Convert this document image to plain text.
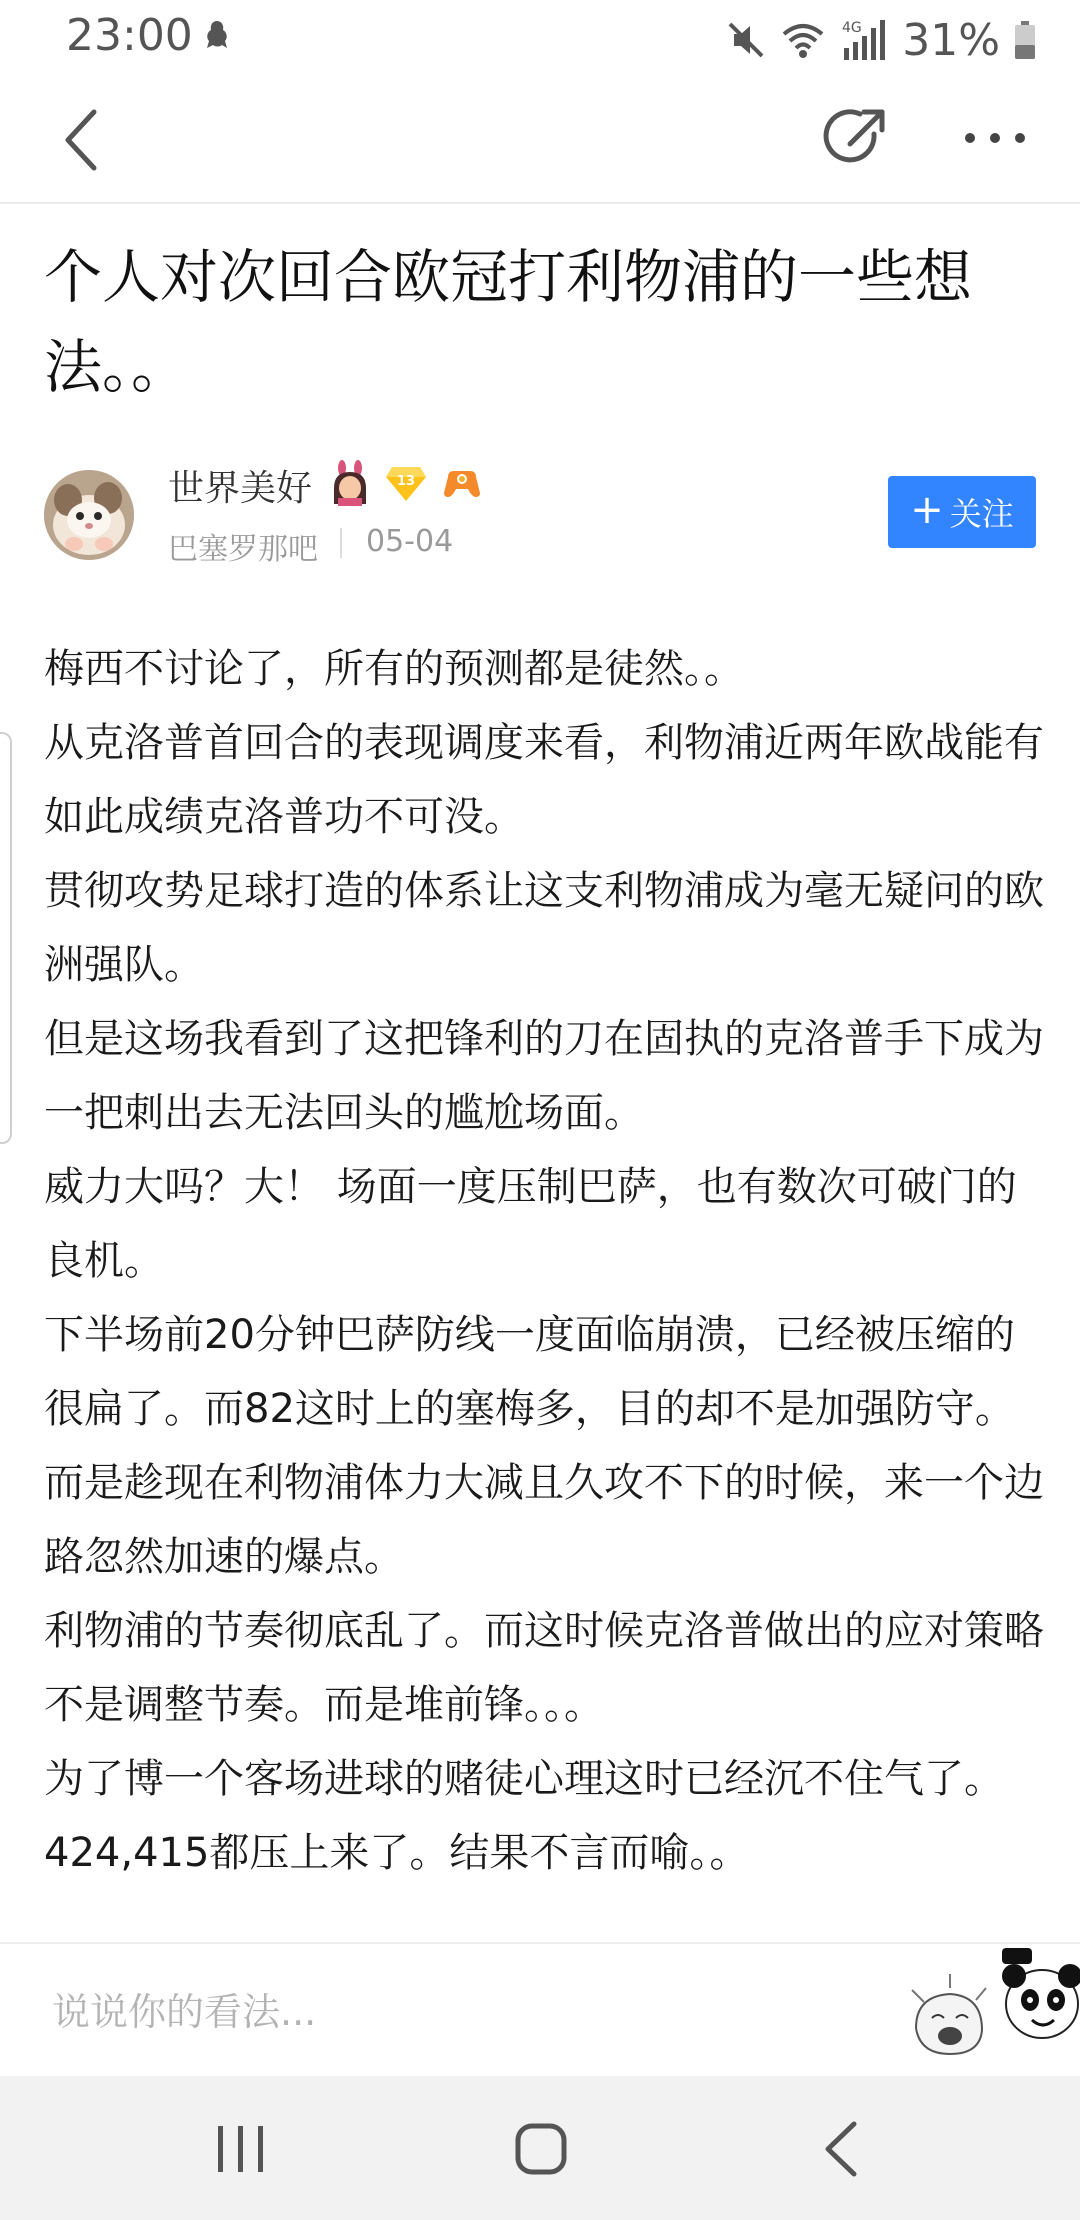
23:00	4G 31%
个人对次回合欧冠打利物浦的一些想法。。
世界美好	13
巴塞罗那吧 05-04
+ 关注

梅西不讨论了，所有的预测都是徒然。。

从克洛普首回合的表现调度来看，利物浦近两年欧战能有如此成绩克洛普功不可没。

贯彻攻势足球打造的体系让这支利物浦成为毫无疑问的欧洲强队。

但是这场我看到了这把锋利的刀在固执的克洛普手下成为一把刺出去无法回头的尴尬场面。

威力大吗？大！ 场面一度压制巴萨，也有数次可破门的良机。

下半场前20分钟巴萨防线一度面临崩溃，已经被压缩的很扁了。而82这时上的塞梅多，目的却不是加强防守。

而是趁现在利物浦体力大减且久攻不下的时候，来一个边路忽然加速的爆点。

利物浦的节奏彻底乱了。而这时候克洛普做出的应对策略不是调整节奏。而是堆前锋。。。

为了博一个客场进球的赌徒心理这时已经沉不住气了。424,415都压上来了。结果不言而喻。。

说说你的看法...
